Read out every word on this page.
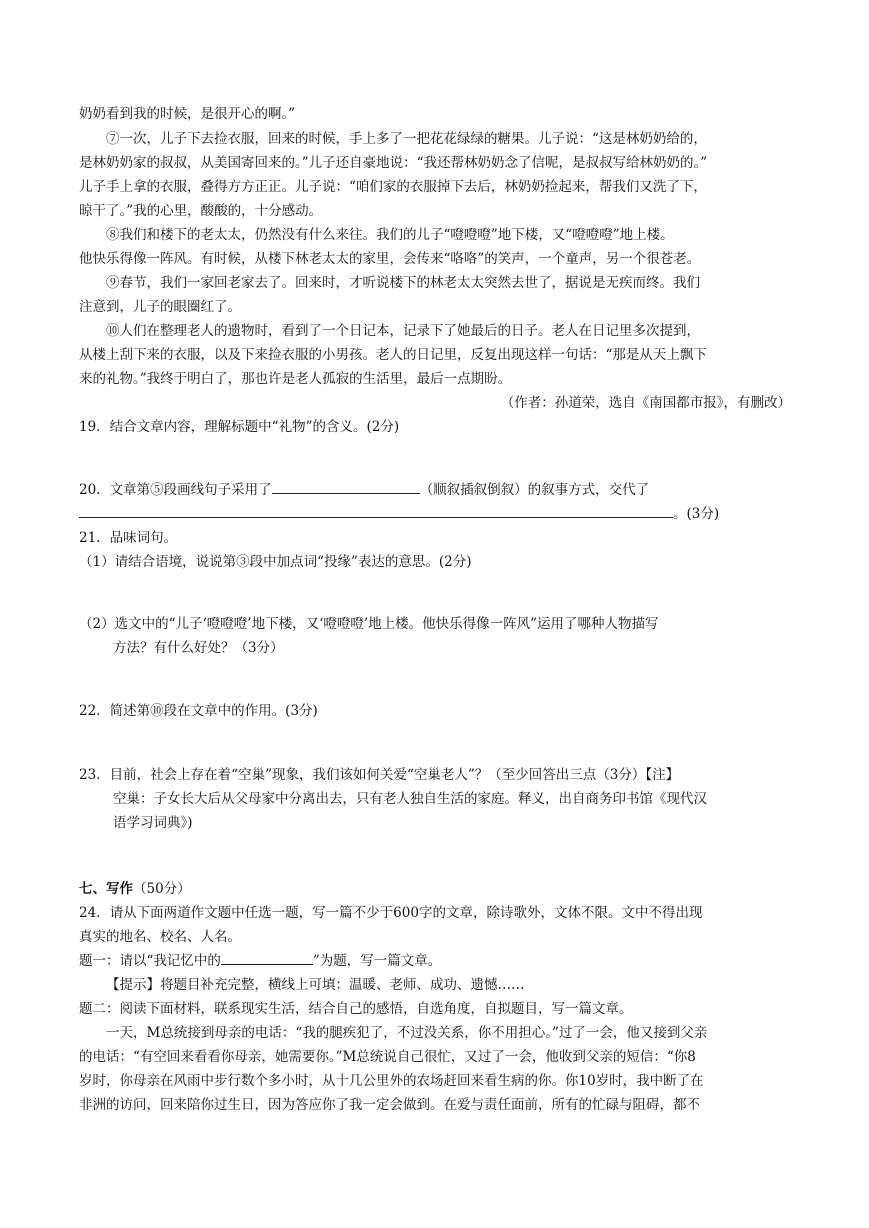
奶奶看到我的时候，是很开心的啊。”
⑦一次，儿子下去捡衣服，回来的时候，手上多了一把花花绿绿的糖果。儿子说：“这是林奶奶给的，
是林奶奶家的叔叔，从美国寄回来的。”儿子还自豪地说：“我还帮林奶奶念了信呢，是叔叔写给林奶奶的。”
儿子手上拿的衣服，叠得方方正正。儿子说：“咱们家的衣服掉下去后，林奶奶捡起来，帮我们又洗了下，
晾干了。”我的心里，酸酸的，十分感动。
⑧我们和楼下的老太太，仍然没有什么来往。我们的儿子“噔噔噔”地下楼，又“噔噔噔”地上楼。
他快乐得像一阵风。有时候，从楼下林老太太的家里，会传来“咯咯”的笑声，一个童声，另一个很苍老。
⑨春节，我们一家回老家去了。回来时，才听说楼下的林老太太突然去世了，据说是无疾而终。我们
注意到，儿子的眼圈红了。
⑩人们在整理老人的遗物时，看到了一个日记本，记录下了她最后的日子。老人在日记里多次提到，
从楼上刮下来的衣服，以及下来捡衣服的小男孩。老人的日记里，反复出现这样一句话：“那是从天上飘下
来的礼物。”我终于明白了，那也许是老人孤寂的生活里，最后一点期盼。
（作者：孙道荣，选自《南国都市报》，有删改）
19．结合文章内容，理解标题中“礼物”的含义。(2分)
20．文章第⑤段画线句子采用了	（顺叙插叙倒叙）的叙事方式，交代了
。(3分)
21．品味词句。
（1）请结合语境，说说第③段中加点词“投缘”表达的意思。(2分)
（2）选文中的“儿子‘噔噔噔’地下楼，又‘噔噔噔’地上楼。他快乐得像一阵风”运用了哪种人物描写
方法？有什么好处？（3分）
22．简述第⑩段在文章中的作用。(3分)
23．目前，社会上存在着“空巢”现象，我们该如何关爱“空巢老人”？（至少回答出三点（3分）【注】
空巢：子女长大后从父母家中分离出去，只有老人独自生活的家庭。释义，出自商务印书馆《现代汉
语学习词典》)
七、写作（50分）
24．请从下面两道作文题中任选一题，写一篇不少于600字的文章，除诗歌外，文体不限。文中不得出现
真实的地名、校名、人名。
题一：请以“我记忆中的	”为题，写一篇文章。
【提示】将题目补充完整，横线上可填：温暖、老师、成功、遗憾……
题二：阅读下面材料，联系现实生活，结合自己的感悟，自选角度，自拟题目，写一篇文章。
一天，M总统接到母亲的电话：“我的腿疾犯了，不过没关系，你不用担心。”过了一会，他又接到父亲
的电话：“有空回来看看你母亲，她需要你。”M总统说自己很忙，又过了一会，他收到父亲的短信：“你8
岁时，你母亲在风雨中步行数个多小时，从十几公里外的农场赶回来看生病的你。你10岁时，我中断了在
非洲的访问，回来陪你过生日，因为答应你了我一定会做到。在爱与责任面前，所有的忙碌与阻碍，都不
